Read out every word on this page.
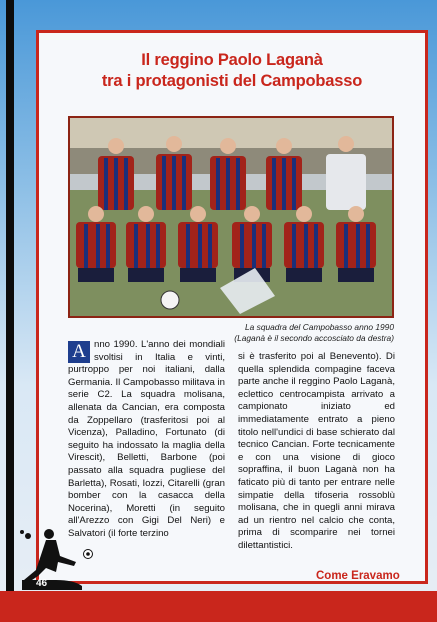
Il reggino Paolo Laganà
tra i protagonisti del Campobasso
La squadra del Campobasso anno 1990
(Laganà è il secondo accosciato da destra)
A nno 1990. L'anno dei mondiali svoltisi in Italia e vinti, purtroppo per noi italiani, dalla Germania. Il Campobasso militava in serie C2. La squadra molisana, allenata da Cancian, era composta da Zoppellaro (trasferitosi poi al Vicenza), Palladino, Fortunato (di seguito ha indossato la maglia della Virescit), Belletti, Barbone (poi passato alla squadra pugliese del Barletta), Rosati, Iozzi, Citarelli (gran bomber con la casacca della Nocerina), Moretti (in seguito all'Arezzo con Gigi Del Neri) e Salvatori (il forte terzino
si è trasferito poi al Benevento). Di quella splendida compagine faceva parte anche il reggino Paolo Laganà, eclettico centrocampista arrivato a campionato iniziato ed immediatamente entrato a pieno titolo nell'undici di base schierato dal tecnico Cancian. Forte tecnicamente e con una visione di gioco sopraffina, il buon Laganà non ha faticato più di tanto per entrare nelle simpatie della tifoseria rossoblù molisana, che in quegli anni mirava ad un rientro nel calcio che conta, prima di scomparire nei tornei dilettantistici.
46
Come Eravamo
